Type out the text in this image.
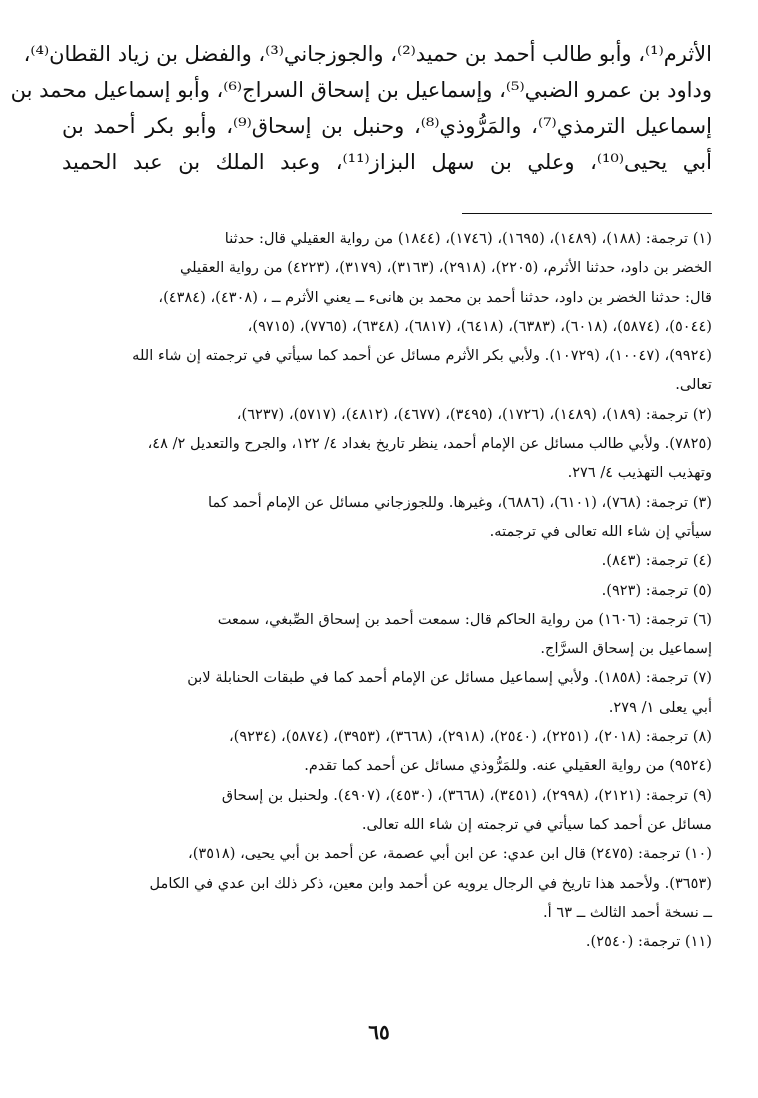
الأثرم⁽¹⁾، وأبو طالب أحمد بن حميد⁽²⁾، والجوزجاني⁽³⁾، والفضل بن زياد القطان⁽⁴⁾،
وداود بن عمرو الضبي⁽⁵⁾، وإسماعيل بن إسحاق السراج⁽⁶⁾، وأبو إسماعيل محمد بن
إسماعيل الترمذي⁽⁷⁾، والمَرُّوذي⁽⁸⁾، وحنبل بن إسحاق⁽⁹⁾، وأبو بكر أحمد بن
أبي يحيى⁽¹⁰⁾، وعلي بن سهل البزاز⁽¹¹⁾، وعبد الملك بن عبد الحميد

(١) ترجمة: (١٨٨)، (١٤٨٩)، (١٦٩٥)، (١٧٤٦)، (١٨٤٤) من رواية العقيلي قال: حدثنا
الخضر بن داود، حدثنا الأثرم، (٢٢٠٥)، (٢٩١٨)، (٣١٦٣)، (٣١٧٩)، (٤٢٢٣) من رواية العقيلي
قال: حدثنا الخضر بن داود، حدثنا أحمد بن محمد بن هانىء ــ يعني الأثرم ــ ، (٤٣٠٨)، (٤٣٨٤)،
(٥٠٤٤)، (٥٨٧٤)، (٦٠١٨)، (٦٣٨٣)، (٦٤١٨)، (٦٨١٧)، (٦٣٤٨)، (٧٧٦٥)، (٩٧١٥)،
(٩٩٢٤)، (١٠٠٤٧)، (١٠٧٢٩). ولأبي بكر الأثرم مسائل عن أحمد كما سيأتي في ترجمته إن شاء الله
تعالى.

(٢) ترجمة: (١٨٩)، (١٤٨٩)، (١٧٢٦)، (٣٤٩٥)، (٤٦٧٧)، (٤٨١٢)، (٥٧١٧)، (٦٢٣٧)،
(٧٨٢٥). ولأبي طالب مسائل عن الإمام أحمد، ينظر تاريخ بغداد ٤/ ١٢٢، والجرح والتعديل ٢/ ٤٨،
وتهذيب التهذيب ٤/ ٢٧٦.

(٣) ترجمة: (٧٦٨)، (٦١٠١)، (٦٨٨٦)، وغيرها. وللجوزجاني مسائل عن الإمام أحمد كما
سيأتي إن شاء الله تعالى في ترجمته.

(٤) ترجمة: (٨٤٣).

(٥) ترجمة: (٩٢٣).

(٦) ترجمة: (١٦٠٦) من رواية الحاكم قال: سمعت أحمد بن إسحاق الصِّبغي، سمعت
إسماعيل بن إسحاق السرَّاج.

(٧) ترجمة: (١٨٥٨). ولأبي إسماعيل مسائل عن الإمام أحمد كما في طبقات الحنابلة لابن
أبي يعلى ١/ ٢٧٩.

(٨) ترجمة: (٢٠١٨)، (٢٢٥١)، (٢٥٤٠)، (٢٩١٨)، (٣٦٦٨)، (٣٩٥٣)، (٥٨٧٤)، (٩٢٣٤)،
(٩٥٢٤) من رواية العقيلي عنه. وللمَرُّوذي مسائل عن أحمد كما تقدم.

(٩) ترجمة: (٢١٢١)، (٢٩٩٨)، (٣٤٥١)، (٣٦٦٨)، (٤٥٣٠)، (٤٩٠٧). ولحنبل بن إسحاق
مسائل عن أحمد كما سيأتي في ترجمته إن شاء الله تعالى.

(١٠) ترجمة: (٢٤٧٥) قال ابن عدي: عن ابن أبي عصمة، عن أحمد بن أبي يحيى، (٣٥١٨)،
(٣٦٥٣). ولأحمد هذا تاريخ في الرجال يرويه عن أحمد وابن معين، ذكر ذلك ابن عدي في الكامل
ــ نسخة أحمد الثالث ــ ٦٣ أ.

(١١) ترجمة: (٢٥٤٠).

٦٥
